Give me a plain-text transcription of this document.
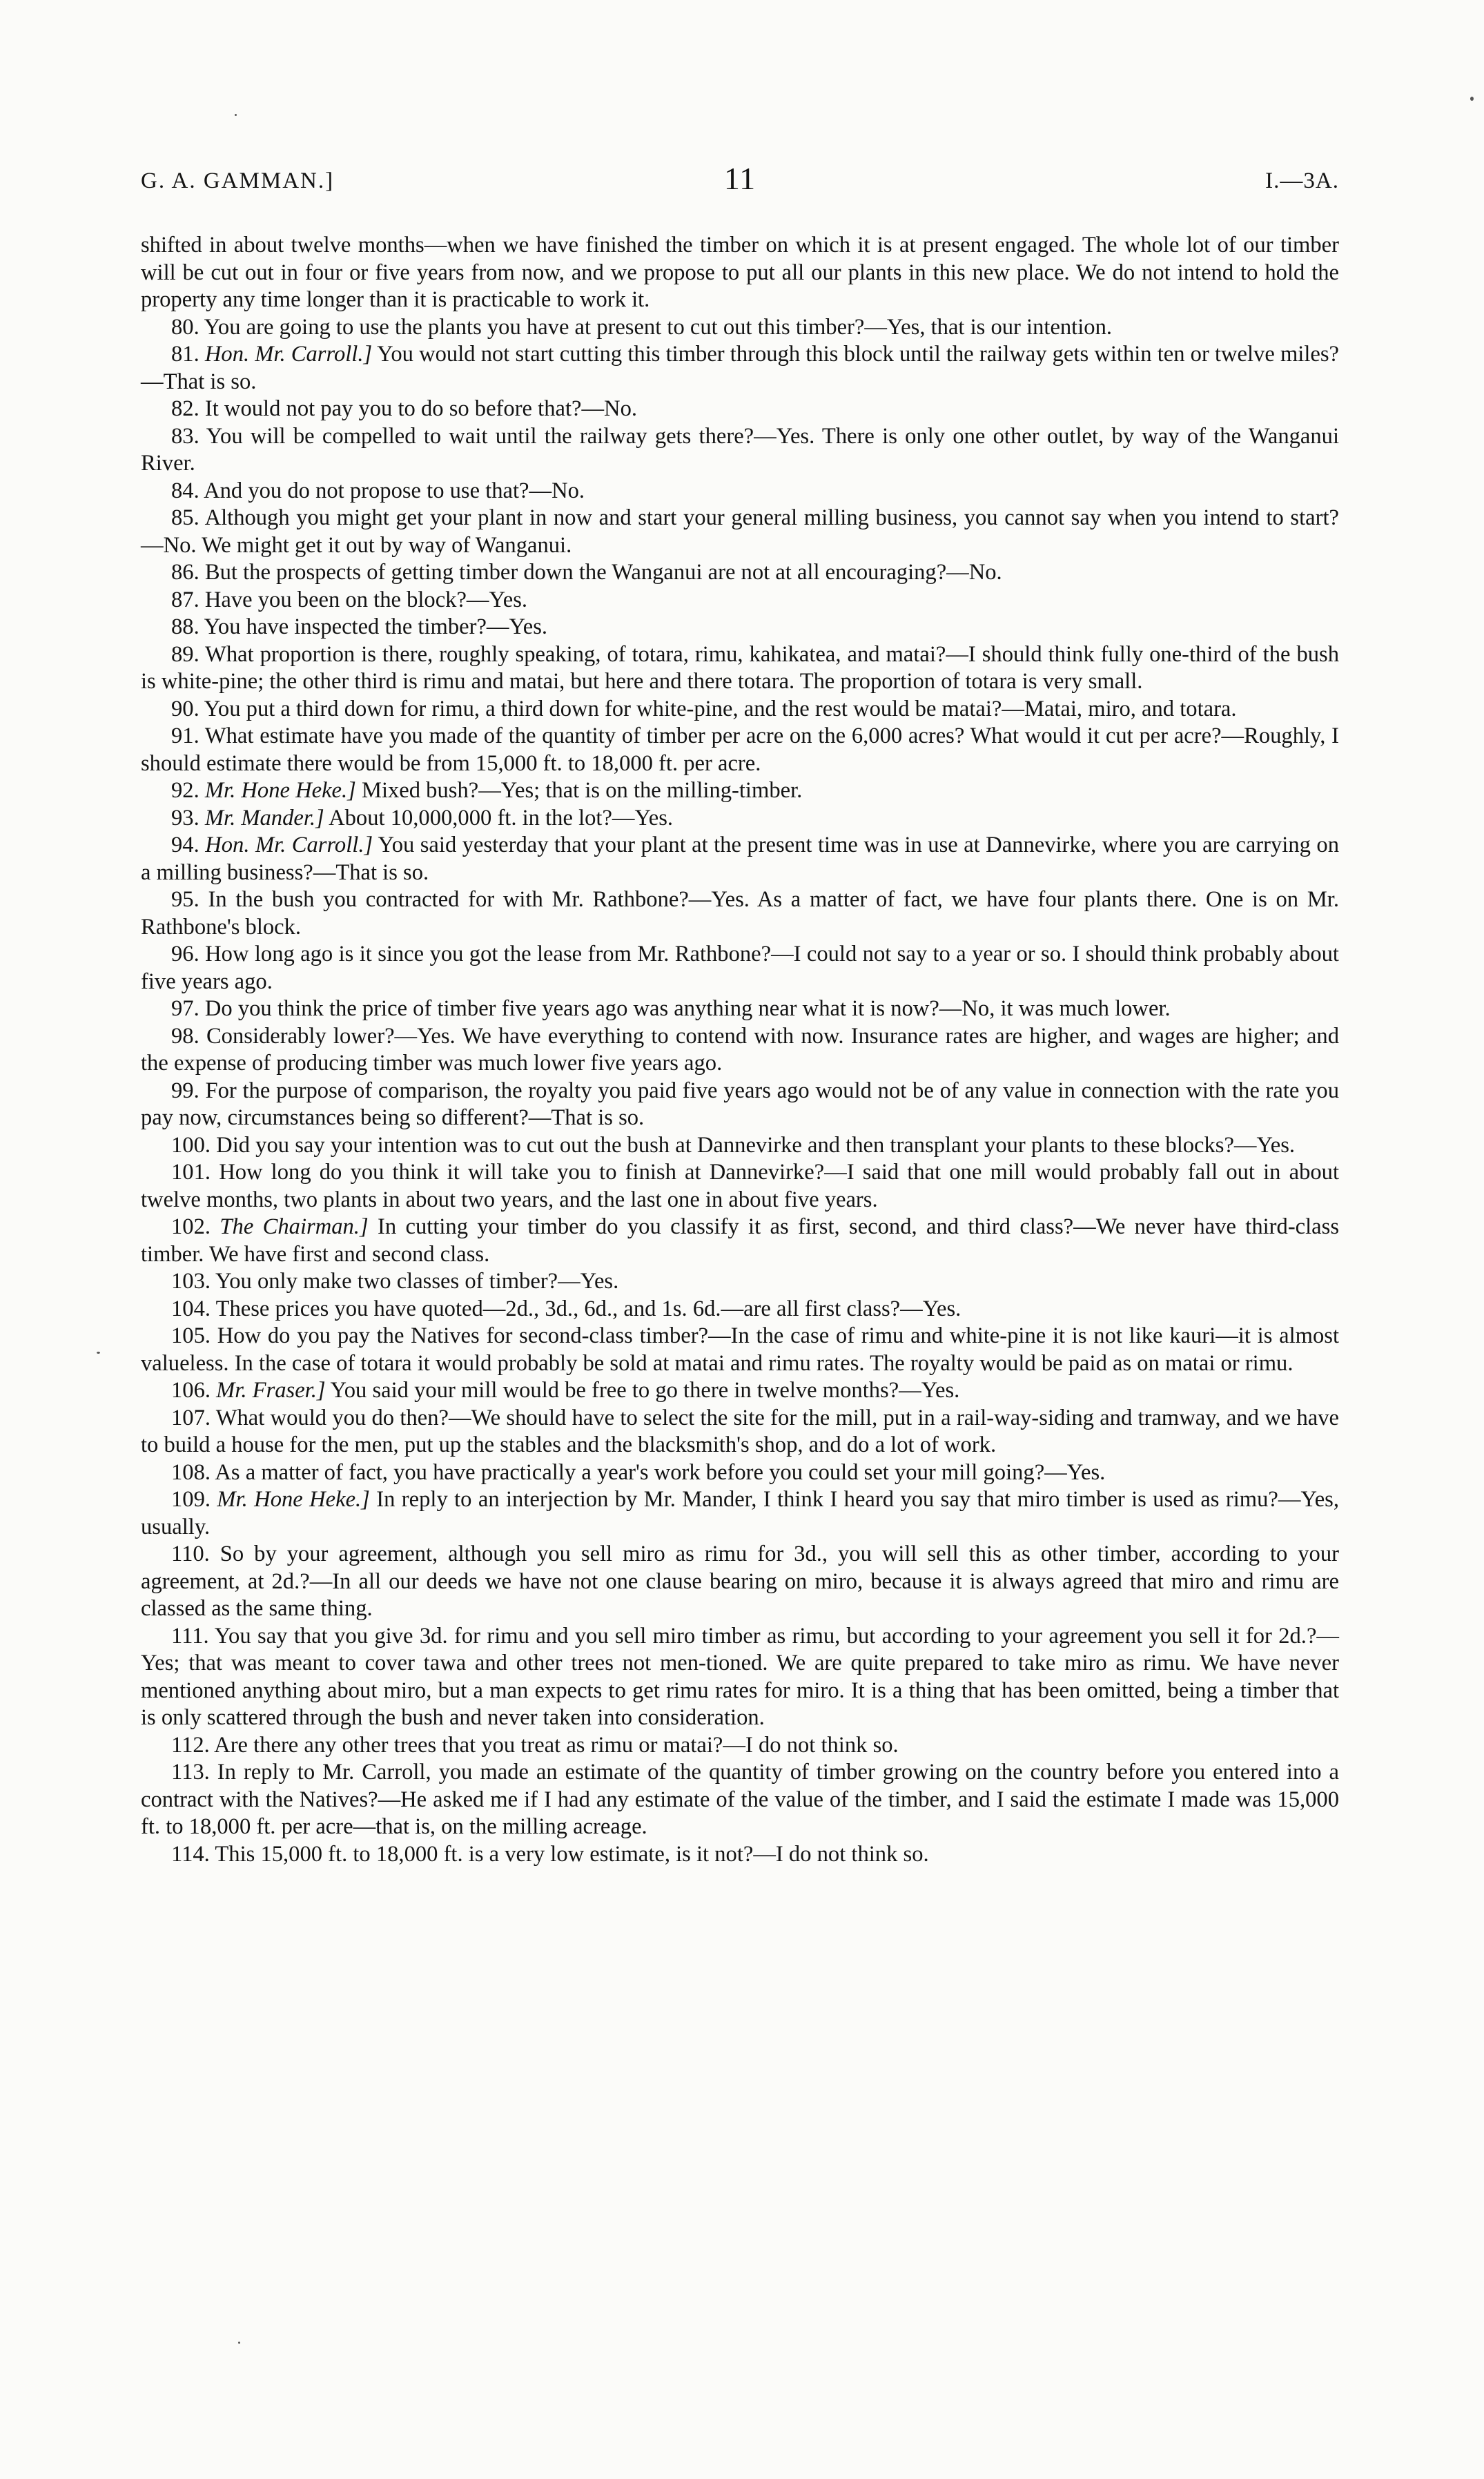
G. A. GAMMAN.]	11	I.—3A.

shifted in about twelve months—when we have finished the timber on which it is at present engaged. The whole lot of our timber will be cut out in four or five years from now, and we propose to put all our plants in this new place. We do not intend to hold the property any time longer than it is practicable to work it.

80. You are going to use the plants you have at present to cut out this timber?—Yes, that is our intention.

81. Hon. Mr. Carroll.] You would not start cutting this timber through this block until the railway gets within ten or twelve miles?—That is so.

82. It would not pay you to do so before that?—No.

83. You will be compelled to wait until the railway gets there?—Yes. There is only one other outlet, by way of the Wanganui River.

84. And you do not propose to use that?—No.

85. Although you might get your plant in now and start your general milling business, you cannot say when you intend to start?—No. We might get it out by way of Wanganui.

86. But the prospects of getting timber down the Wanganui are not at all encouraging?—No.

87. Have you been on the block?—Yes.

88. You have inspected the timber?—Yes.

89. What proportion is there, roughly speaking, of totara, rimu, kahikatea, and matai?—I should think fully one-third of the bush is white-pine; the other third is rimu and matai, but here and there totara. The proportion of totara is very small.

90. You put a third down for rimu, a third down for white-pine, and the rest would be matai?—Matai, miro, and totara.

91. What estimate have you made of the quantity of timber per acre on the 6,000 acres? What would it cut per acre?—Roughly, I should estimate there would be from 15,000 ft. to 18,000 ft. per acre.

92. Mr. Hone Heke.] Mixed bush?—Yes; that is on the milling-timber.

93. Mr. Mander.] About 10,000,000 ft. in the lot?—Yes.

94. Hon. Mr. Carroll.] You said yesterday that your plant at the present time was in use at Dannevirke, where you are carrying on a milling business?—That is so.

95. In the bush you contracted for with Mr. Rathbone?—Yes. As a matter of fact, we have four plants there. One is on Mr. Rathbone's block.

96. How long ago is it since you got the lease from Mr. Rathbone?—I could not say to a year or so. I should think probably about five years ago.

97. Do you think the price of timber five years ago was anything near what it is now?—No, it was much lower.

98. Considerably lower?—Yes. We have everything to contend with now. Insurance rates are higher, and wages are higher; and the expense of producing timber was much lower five years ago.

99. For the purpose of comparison, the royalty you paid five years ago would not be of any value in connection with the rate you pay now, circumstances being so different?—That is so.

100. Did you say your intention was to cut out the bush at Dannevirke and then transplant your plants to these blocks?—Yes.

101. How long do you think it will take you to finish at Dannevirke?—I said that one mill would probably fall out in about twelve months, two plants in about two years, and the last one in about five years.

102. The Chairman.] In cutting your timber do you classify it as first, second, and third class?—We never have third-class timber. We have first and second class.

103. You only make two classes of timber?—Yes.

104. These prices you have quoted—2d., 3d., 6d., and 1s. 6d.—are all first class?—Yes.

105. How do you pay the Natives for second-class timber?—In the case of rimu and white-pine it is not like kauri—it is almost valueless. In the case of totara it would probably be sold at matai and rimu rates. The royalty would be paid as on matai or rimu.

106. Mr. Fraser.] You said your mill would be free to go there in twelve months?—Yes.

107. What would you do then?—We should have to select the site for the mill, put in a rail-way-siding and tramway, and we have to build a house for the men, put up the stables and the blacksmith's shop, and do a lot of work.

108. As a matter of fact, you have practically a year's work before you could set your mill going?—Yes.

109. Mr. Hone Heke.] In reply to an interjection by Mr. Mander, I think I heard you say that miro timber is used as rimu?—Yes, usually.

110. So by your agreement, although you sell miro as rimu for 3d., you will sell this as other timber, according to your agreement, at 2d.?—In all our deeds we have not one clause bearing on miro, because it is always agreed that miro and rimu are classed as the same thing.

111. You say that you give 3d. for rimu and you sell miro timber as rimu, but according to your agreement you sell it for 2d.?—Yes; that was meant to cover tawa and other trees not men-tioned. We are quite prepared to take miro as rimu. We have never mentioned anything about miro, but a man expects to get rimu rates for miro. It is a thing that has been omitted, being a timber that is only scattered through the bush and never taken into consideration.

112. Are there any other trees that you treat as rimu or matai?—I do not think so.

113. In reply to Mr. Carroll, you made an estimate of the quantity of timber growing on the country before you entered into a contract with the Natives?—He asked me if I had any estimate of the value of the timber, and I said the estimate I made was 15,000 ft. to 18,000 ft. per acre—that is, on the milling acreage.

114. This 15,000 ft. to 18,000 ft. is a very low estimate, is it not?—I do not think so.
